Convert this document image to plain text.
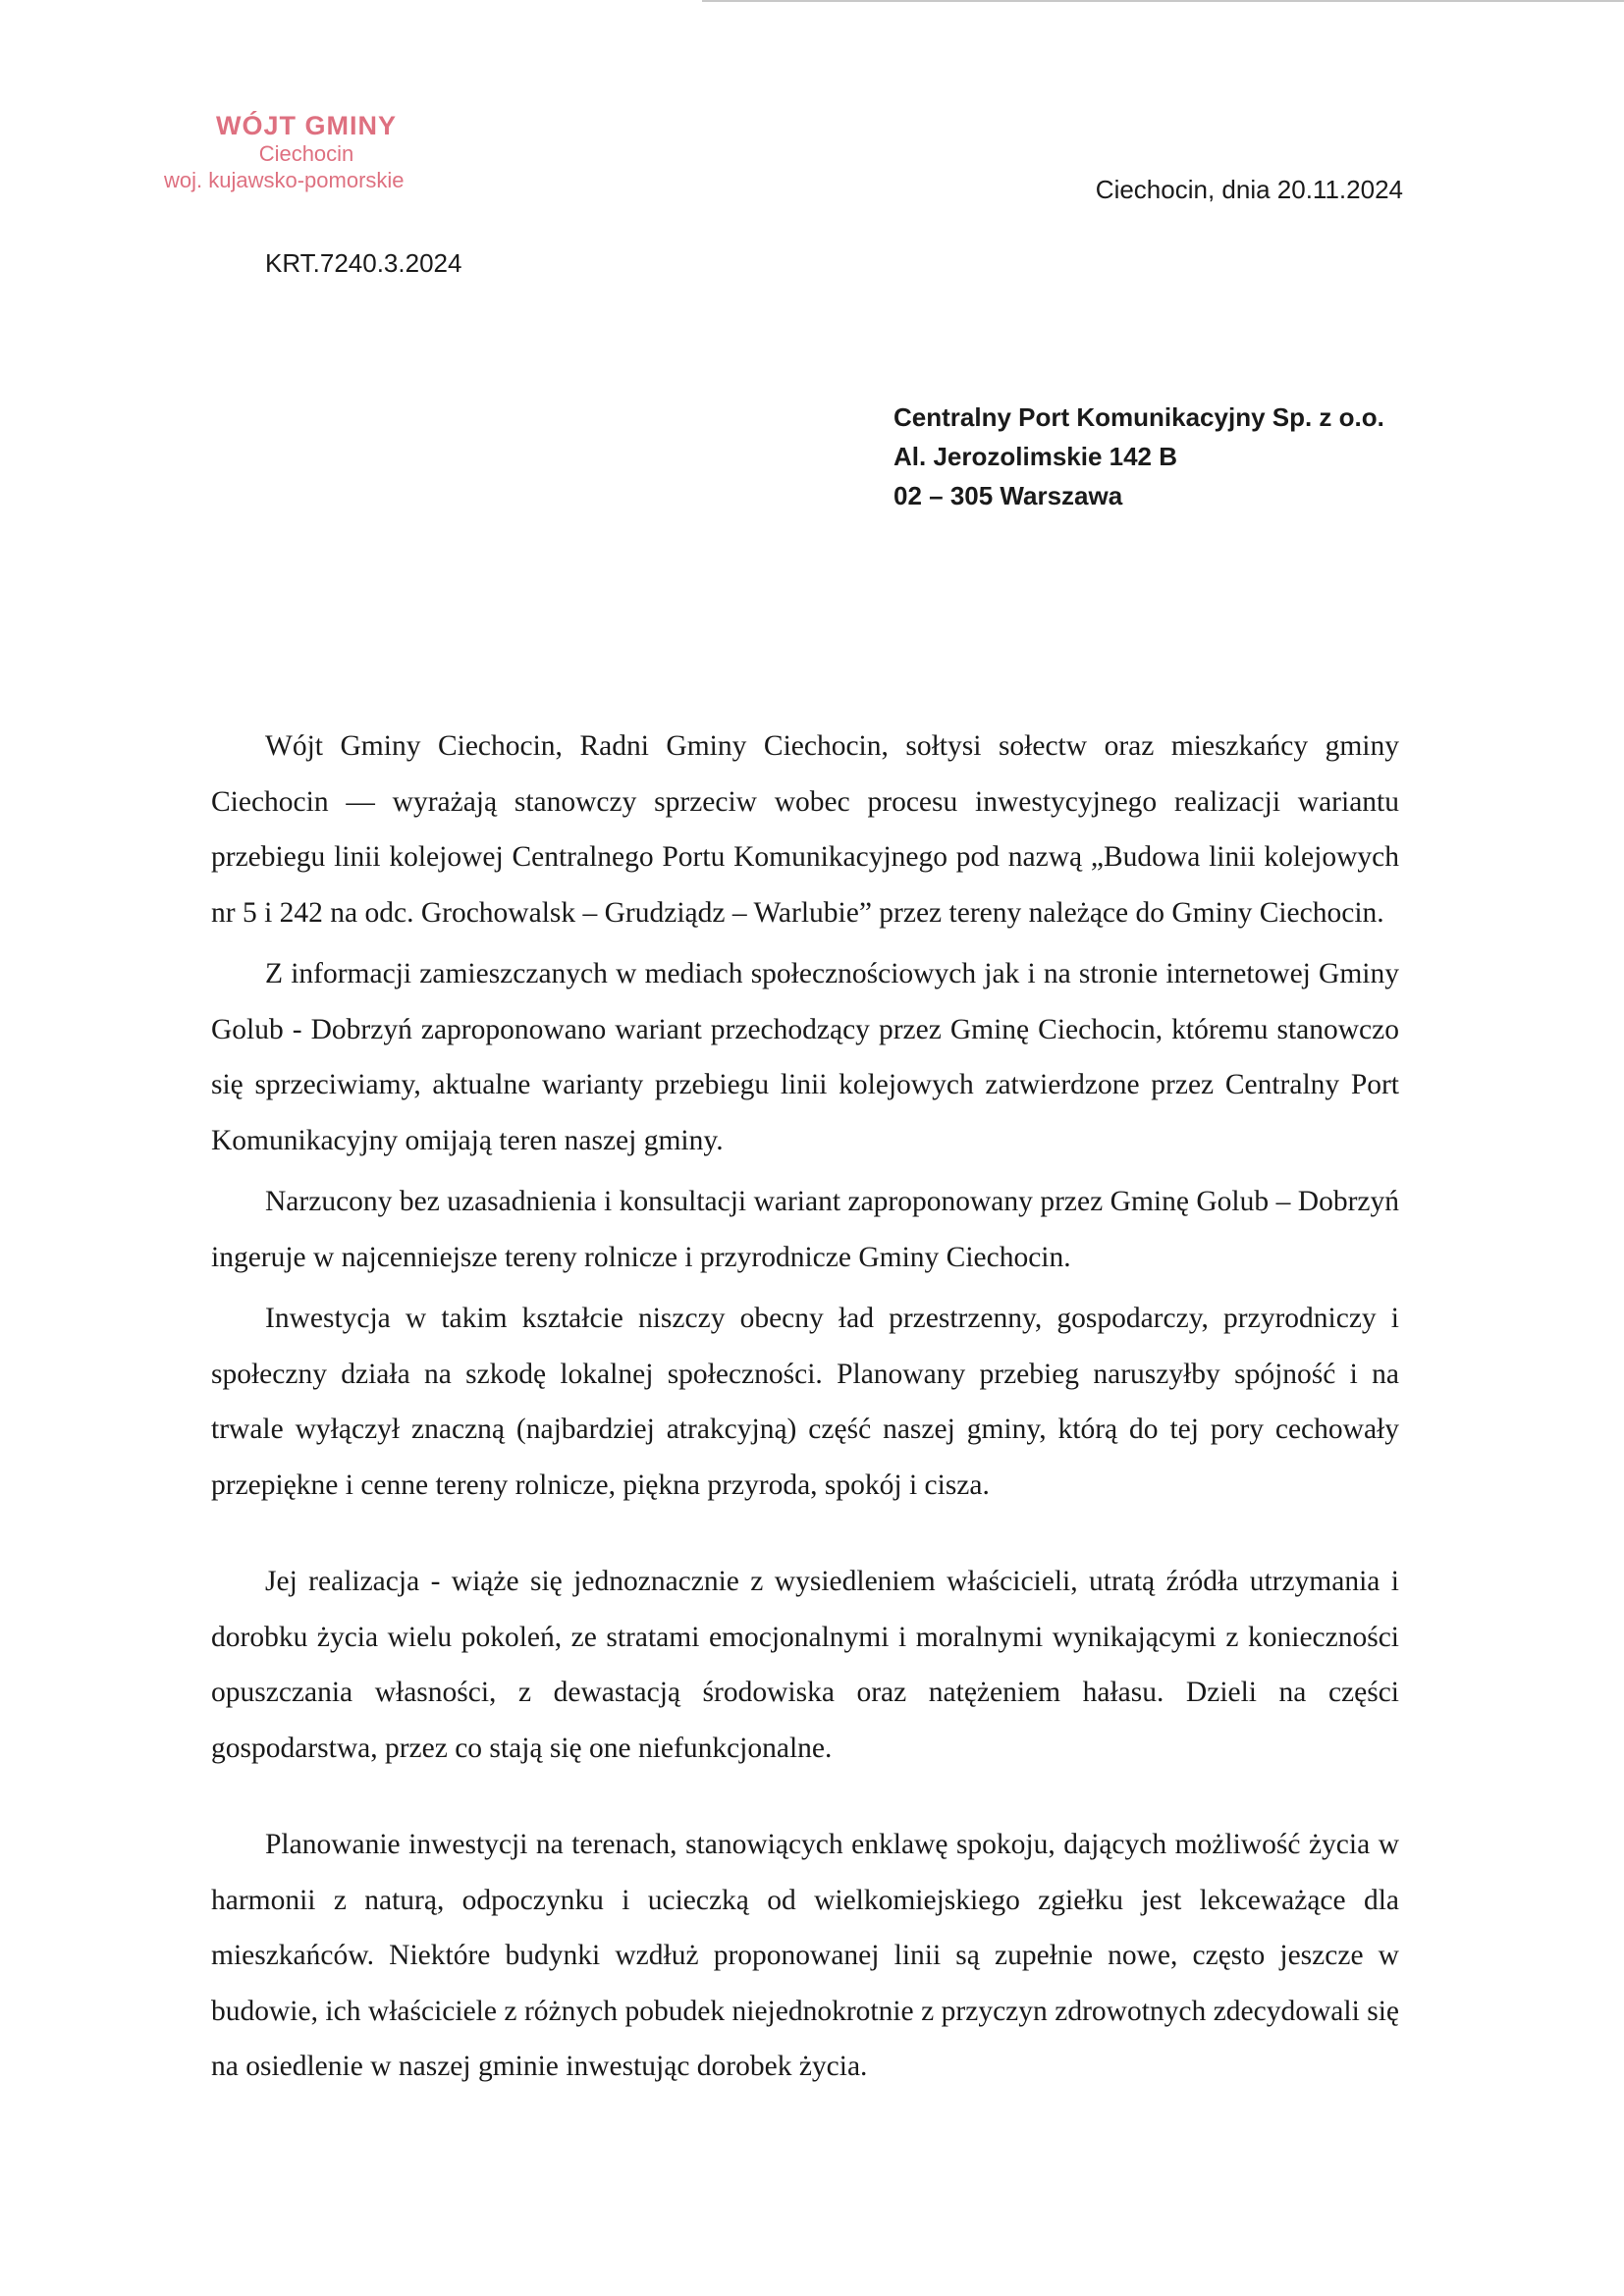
WÓJT GMINY
Ciechocin
woj. kujawsko-pomorskie	Ciechocin, dnia 20.11.2024
KRT.7240.3.2024
Centralny Port Komunikacyjny Sp. z o.o.
Al. Jerozolimskie 142 B
02 – 305 Warszawa

Wójt Gminy Ciechocin, Radni Gminy Ciechocin, sołtysi sołectw oraz mieszkańcy gminy Ciechocin — wyrażają stanowczy sprzeciw wobec procesu inwestycyjnego realizacji wariantu przebiegu linii kolejowej Centralnego Portu Komunikacyjnego pod nazwą „Budowa linii kolejowych nr 5 i 242 na odc. Grochowalsk – Grudziądz – Warlubie” przez tereny należące do Gminy Ciechocin.

Z informacji zamieszczanych w mediach społecznościowych jak i na stronie internetowej Gminy Golub - Dobrzyń zaproponowano wariant przechodzący przez Gminę Ciechocin, któremu stanowczo się sprzeciwiamy, aktualne warianty przebiegu linii kolejowych zatwierdzone przez Centralny Port Komunikacyjny omijają teren naszej gminy.

Narzucony bez uzasadnienia i konsultacji wariant zaproponowany przez Gminę Golub – Dobrzyń ingeruje w najcenniejsze tereny rolnicze i przyrodnicze Gminy Ciechocin.

Inwestycja w takim kształcie niszczy obecny ład przestrzenny, gospodarczy, przyrodniczy i społeczny działa na szkodę lokalnej społeczności. Planowany przebieg naruszyłby spójność i na trwale wyłączył znaczną (najbardziej atrakcyjną) część naszej gminy, którą do tej pory cechowały przepiękne i cenne tereny rolnicze, piękna przyroda, spokój i cisza.

Jej realizacja - wiąże się jednoznacznie z wysiedleniem właścicieli, utratą źródła utrzymania i dorobku życia wielu pokoleń, ze stratami emocjonalnymi i moralnymi wynikającymi z konieczności opuszczania własności, z dewastacją środowiska oraz natężeniem hałasu. Dzieli na części gospodarstwa, przez co stają się one niefunkcjonalne.

Planowanie inwestycji na terenach, stanowiących enklawę spokoju, dających możliwość życia w harmonii z naturą, odpoczynku i ucieczką od wielkomiejskiego zgiełku jest lekceważące dla mieszkańców. Niektóre budynki wzdłuż proponowanej linii są zupełnie nowe, często jeszcze w budowie, ich właściciele z różnych pobudek niejednokrotnie z przyczyn zdrowotnych zdecydowali się na osiedlenie w naszej gminie inwestując dorobek życia.
